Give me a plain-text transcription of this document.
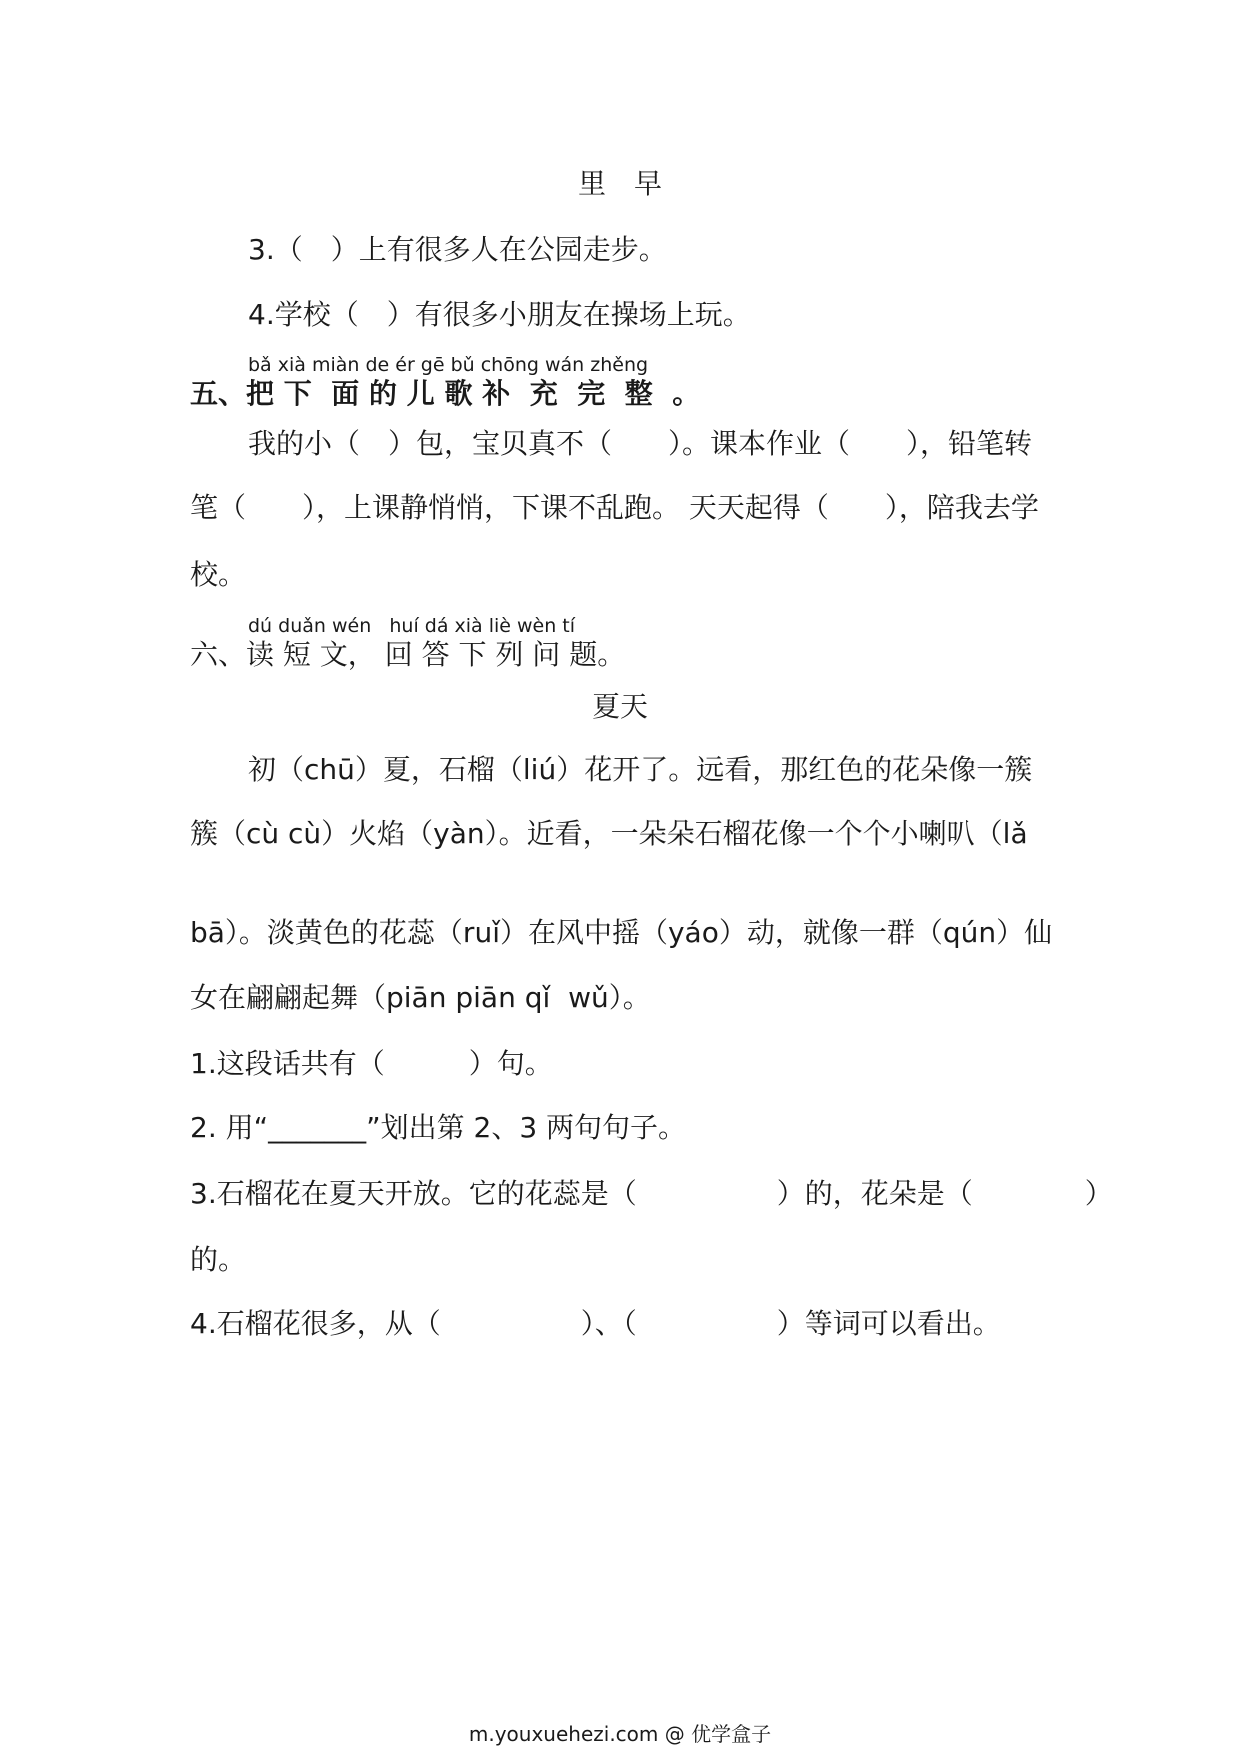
里　早
3.（　）上有很多人在公园走步。
4.学校（　）有很多小朋友在操场上玩。
bǎ xià miàn de ér gē bǔ chōng wán zhěng
五、把 下  面 的 儿 歌 补  充  完  整  。
我的小（　）包，宝贝真不（　　）。课本作业（　　），铅笔转
笔（　　），上课静悄悄，下课不乱跑。 天天起得（　　），陪我去学
校。
dú duǎn wén   huí dá xià liè wèn tí
六、读 短 文， 回 答 下 列 问 题。
夏天
初（chū）夏，石榴（liú）花开了。远看，那红色的花朵像一簇
簇（cù cù）火焰（yàn）。近看，一朵朵石榴花像一个个小喇叭（lǎ
bā）。淡黄色的花蕊（ruǐ）在风中摇（yáo）动，就像一群（qún）仙
女在翩翩起舞（piān piān qǐ  wǔ）。
1.这段话共有（　　　）句。
2. 用“_______”划出第 2、3 两句句子。
3.石榴花在夏天开放。它的花蕊是（　　　　　）的，花朵是（　　　　）
的。
4.石榴花很多，从（　　　　　）、（　　　　　）等词可以看出。
m.youxuehezi.com @ 优学盒子
